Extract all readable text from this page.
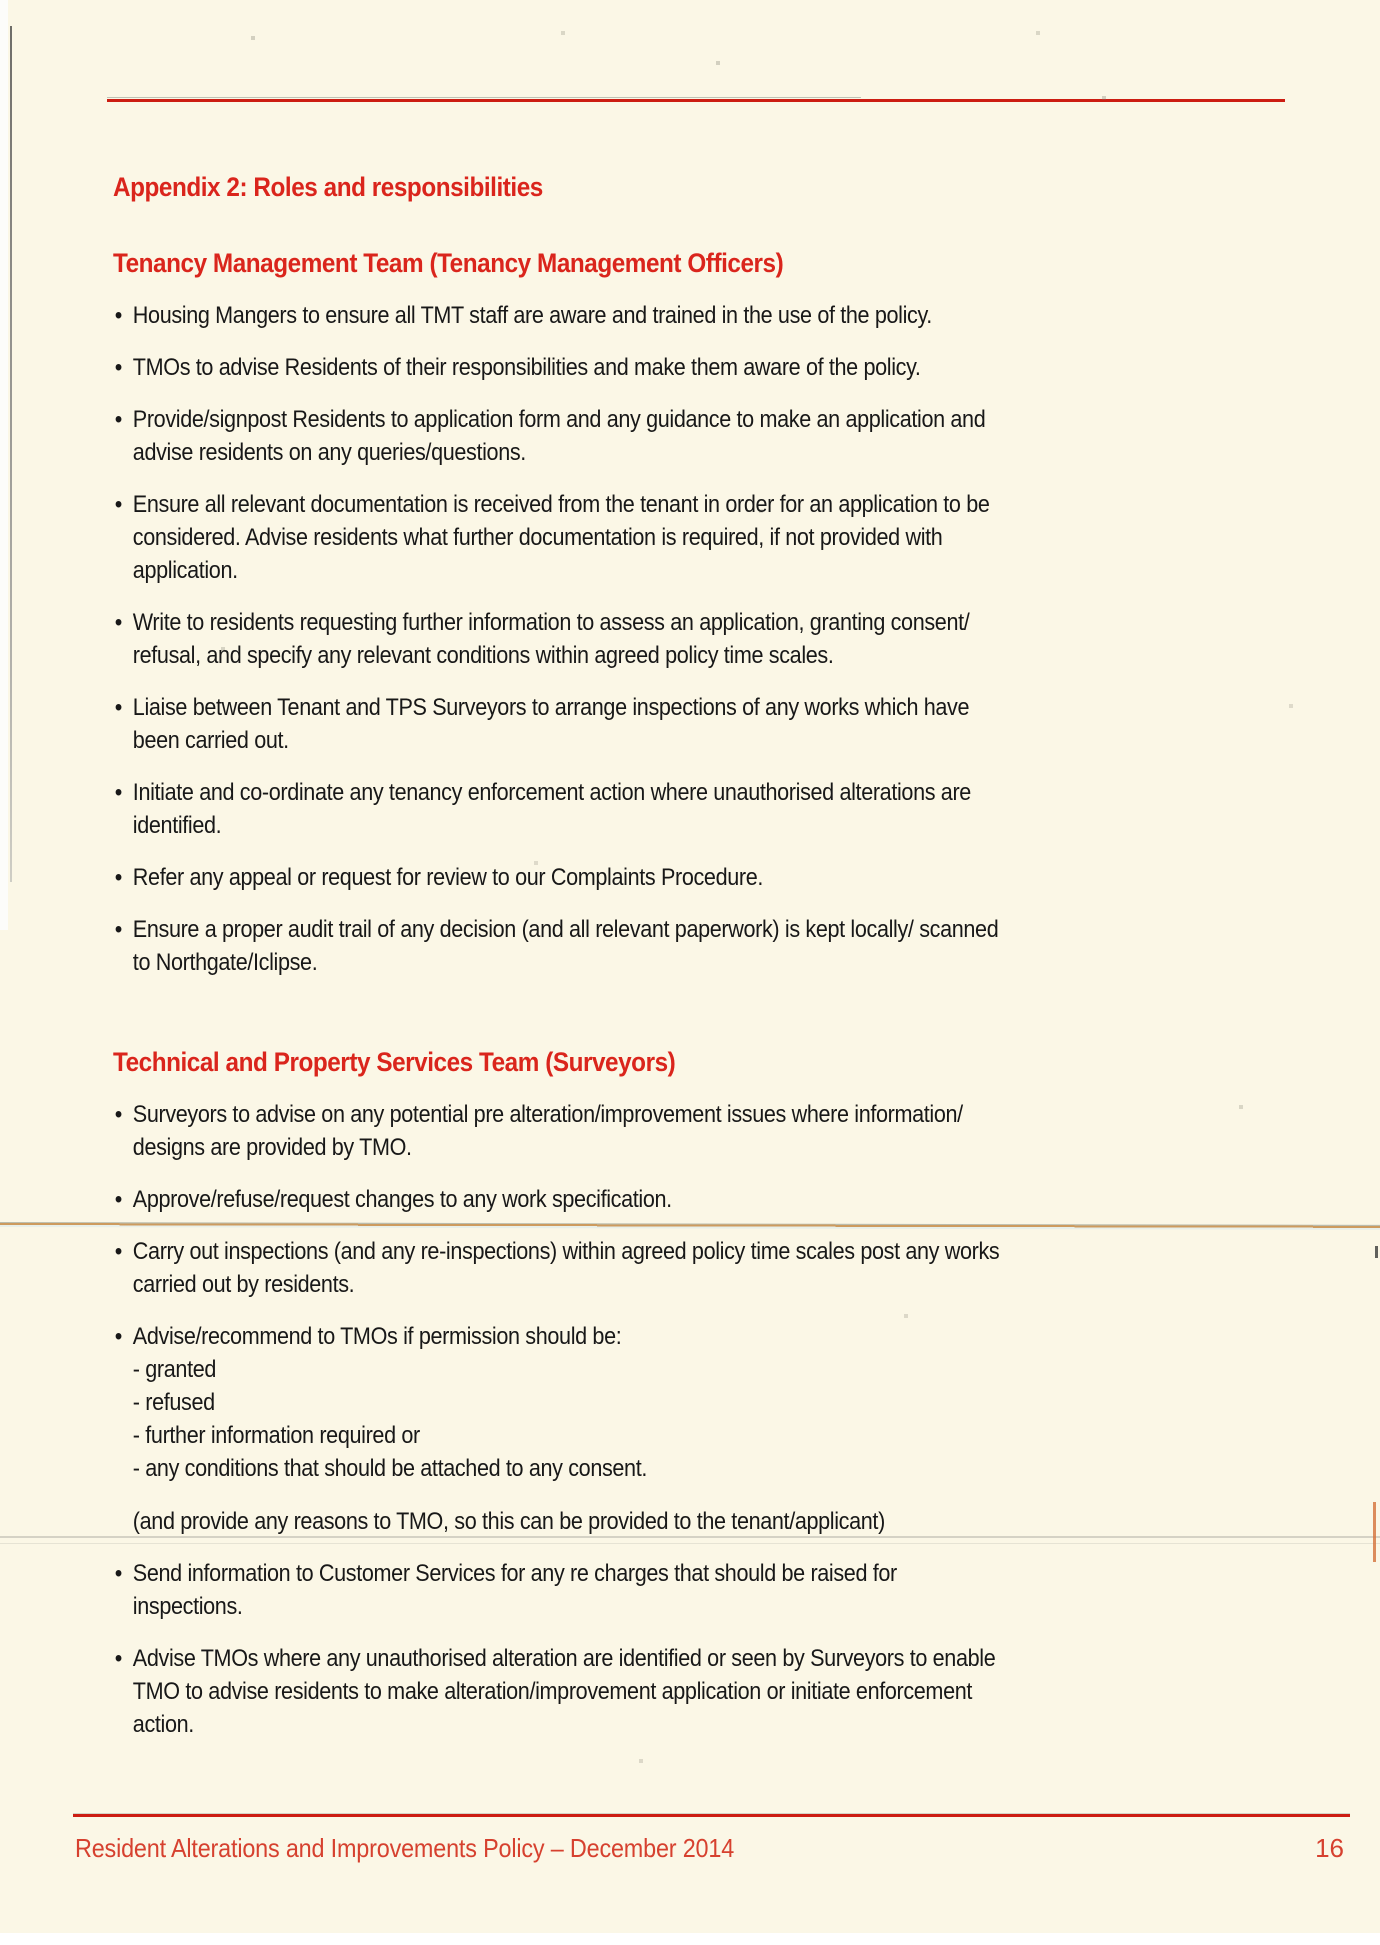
Appendix 2: Roles and responsibilities
Tenancy Management Team (Tenancy Management Officers)
• Housing Mangers to ensure all TMT staff are aware and trained in the use of the policy.
• TMOs to advise Residents of their responsibilities and make them aware of the policy.
• Provide/signpost Residents to application form and any guidance to make an application and advise residents on any queries/questions.
• Ensure all relevant documentation is received from the tenant in order for an application to be considered. Advise residents what further documentation is required, if not provided with application.
• Write to residents requesting further information to assess an application, granting consent/ refusal, and specify any relevant conditions within agreed policy time scales.
• Liaise between Tenant and TPS Surveyors to arrange inspections of any works which have been carried out.
• Initiate and co-ordinate any tenancy enforcement action where unauthorised alterations are identified.
• Refer any appeal or request for review to our Complaints Procedure.
• Ensure a proper audit trail of any decision (and all relevant paperwork) is kept locally/ scanned to Northgate/Iclipse.
Technical and Property Services Team (Surveyors)
• Surveyors to advise on any potential pre alteration/improvement issues where information/ designs are provided by TMO.
• Approve/refuse/request changes to any work specification.
• Carry out inspections (and any re-inspections) within agreed policy time scales post any works carried out by residents.
• Advise/recommend to TMOs if permission should be:
- granted
- refused
- further information required or
- any conditions that should be attached to any consent.
(and provide any reasons to TMO, so this can be provided to the tenant/applicant)
• Send information to Customer Services for any re charges that should be raised for inspections.
• Advise TMOs where any unauthorised alteration are identified or seen by Surveyors to enable TMO to advise residents to make alteration/improvement application or initiate enforcement action.
Resident Alterations and Improvements Policy – December 2014	16
